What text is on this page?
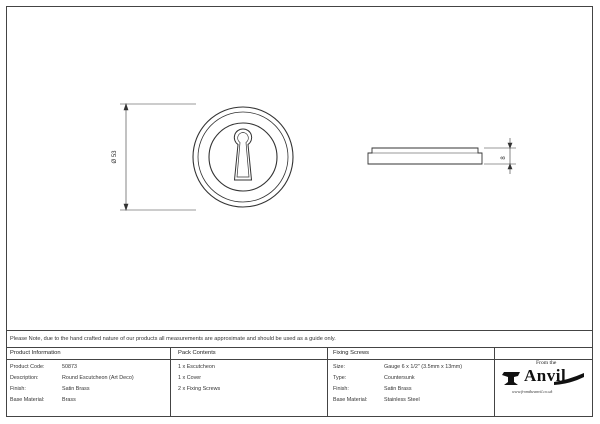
Ø 53	8
Please Note, due to the hand crafted nature of our products all measurements are approximate and should be used as a guide only.
Product Information
Product Code:	50873
Description:	Round Escutcheon (Art Deco)
Finish:	Satin Brass
Base Material:	Brass
Pack Contents
1 x Escutcheon
1 x Cover
2 x Fixing Screws
Fixing Screws
Size:	Gauge 6 x 1/2" (3.5mm x 13mm)
Type:	Countersunk
Finish:	Satin Brass
Base Material:	Stainless Steel
From the
Anvil
www.fromtheanvil.co.uk
